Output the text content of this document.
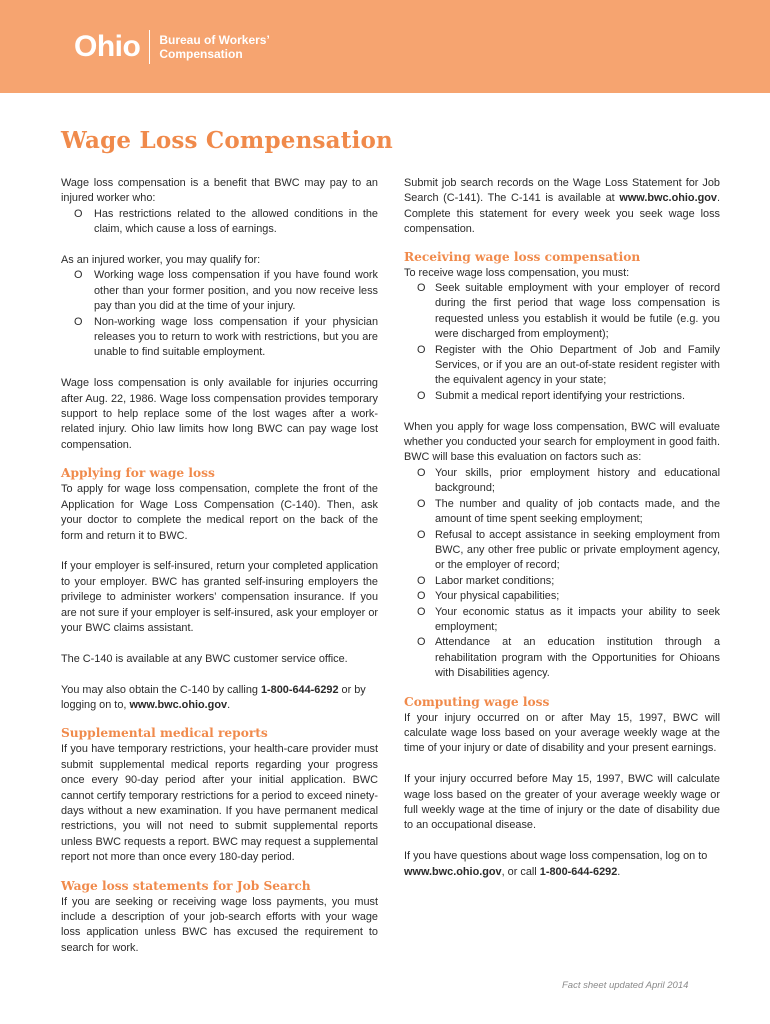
Ohio Bureau of Workers’
Compensation
Wage Loss Compensation

Wage loss compensation is a benefit that BWC may pay to an injured worker who:

O Has restrictions related to the allowed conditions in the claim, which cause a loss of earnings.

As an injured worker, you may qualify for:

O Working wage loss compensation if you have found work other than your former position, and you now receive less pay than you did at the time of your injury.
O Non-working wage loss compensation if your physician releases you to return to work with restrictions, but you are unable to find suitable employment.

Wage loss compensation is only available for injuries occurring after Aug. 22, 1986. Wage loss compensation provides temporary support to help replace some of the lost wages after a work-related injury. Ohio law limits how long BWC can pay wage lost compensation.

Applying for wage loss

To apply for wage loss compensation, complete the front of the Application for Wage Loss Compensation (C-140). Then, ask your doctor to complete the medical report on the back of the form and return it to BWC.

If your employer is self-insured, return your completed application to your employer. BWC has granted self-insuring employers the privilege to administer workers’ compensation insurance. If you are not sure if your employer is self-insured, ask your employer or your BWC claims assistant.

The C-140 is available at any BWC customer service office.

You may also obtain the C-140 by calling 1-800-644-6292 or by logging on to, www.bwc.ohio.gov.

Supplemental medical reports

If you have temporary restrictions, your health-care provider must submit supplemental medical reports regarding your progress once every 90-day period after your initial application. BWC cannot certify temporary restrictions for a period to exceed ninety-days without a new examination. If you have permanent medical restrictions, you will not need to submit supplemental reports unless BWC requests a report. BWC may request a supplemental report not more than once every 180-day period.

Wage loss statements for Job Search

If you are seeking or receiving wage loss payments, you must include a description of your job-search efforts with your wage loss application unless BWC has excused the requirement to search for work.

Submit job search records on the Wage Loss Statement for Job Search (C-141). The C-141 is available at www.bwc.ohio.gov. Complete this statement for every week you seek wage loss compensation.

Receiving wage loss compensation

To receive wage loss compensation, you must:

O Seek suitable employment with your employer of record during the first period that wage loss compensation is requested unless you establish it would be futile (e.g. you were discharged from employment);
O Register with the Ohio Department of Job and Family Services, or if you are an out-of-state resident register with the equivalent agency in your state;
O Submit a medical report identifying your restrictions.

When you apply for wage loss compensation, BWC will evaluate whether you conducted your search for employment in good faith. BWC will base this evaluation on factors such as:

O Your skills, prior employment history and educational background;
O The number and quality of job contacts made, and the amount of time spent seeking employment;
O Refusal to accept assistance in seeking employment from BWC, any other free public or private employment agency, or the employer of record;
O Labor market conditions;
O Your physical capabilities;
O Your economic status as it impacts your ability to seek employment;
O Attendance at an education institution through a rehabilitation program with the Opportunities for Ohioans with Disabilities agency.
Computing wage loss

If your injury occurred on or after May 15, 1997, BWC will calculate wage loss based on your average weekly wage at the time of your injury or date of disability and your present earnings.

If your injury occurred before May 15, 1997, BWC will calculate wage loss based on the greater of your average weekly wage or full weekly wage at the time of injury or the date of disability due to an occupational disease.

If you have questions about wage loss compensation, log on to www.bwc.ohio.gov, or call 1-800-644-6292.

Fact sheet updated April 2014
